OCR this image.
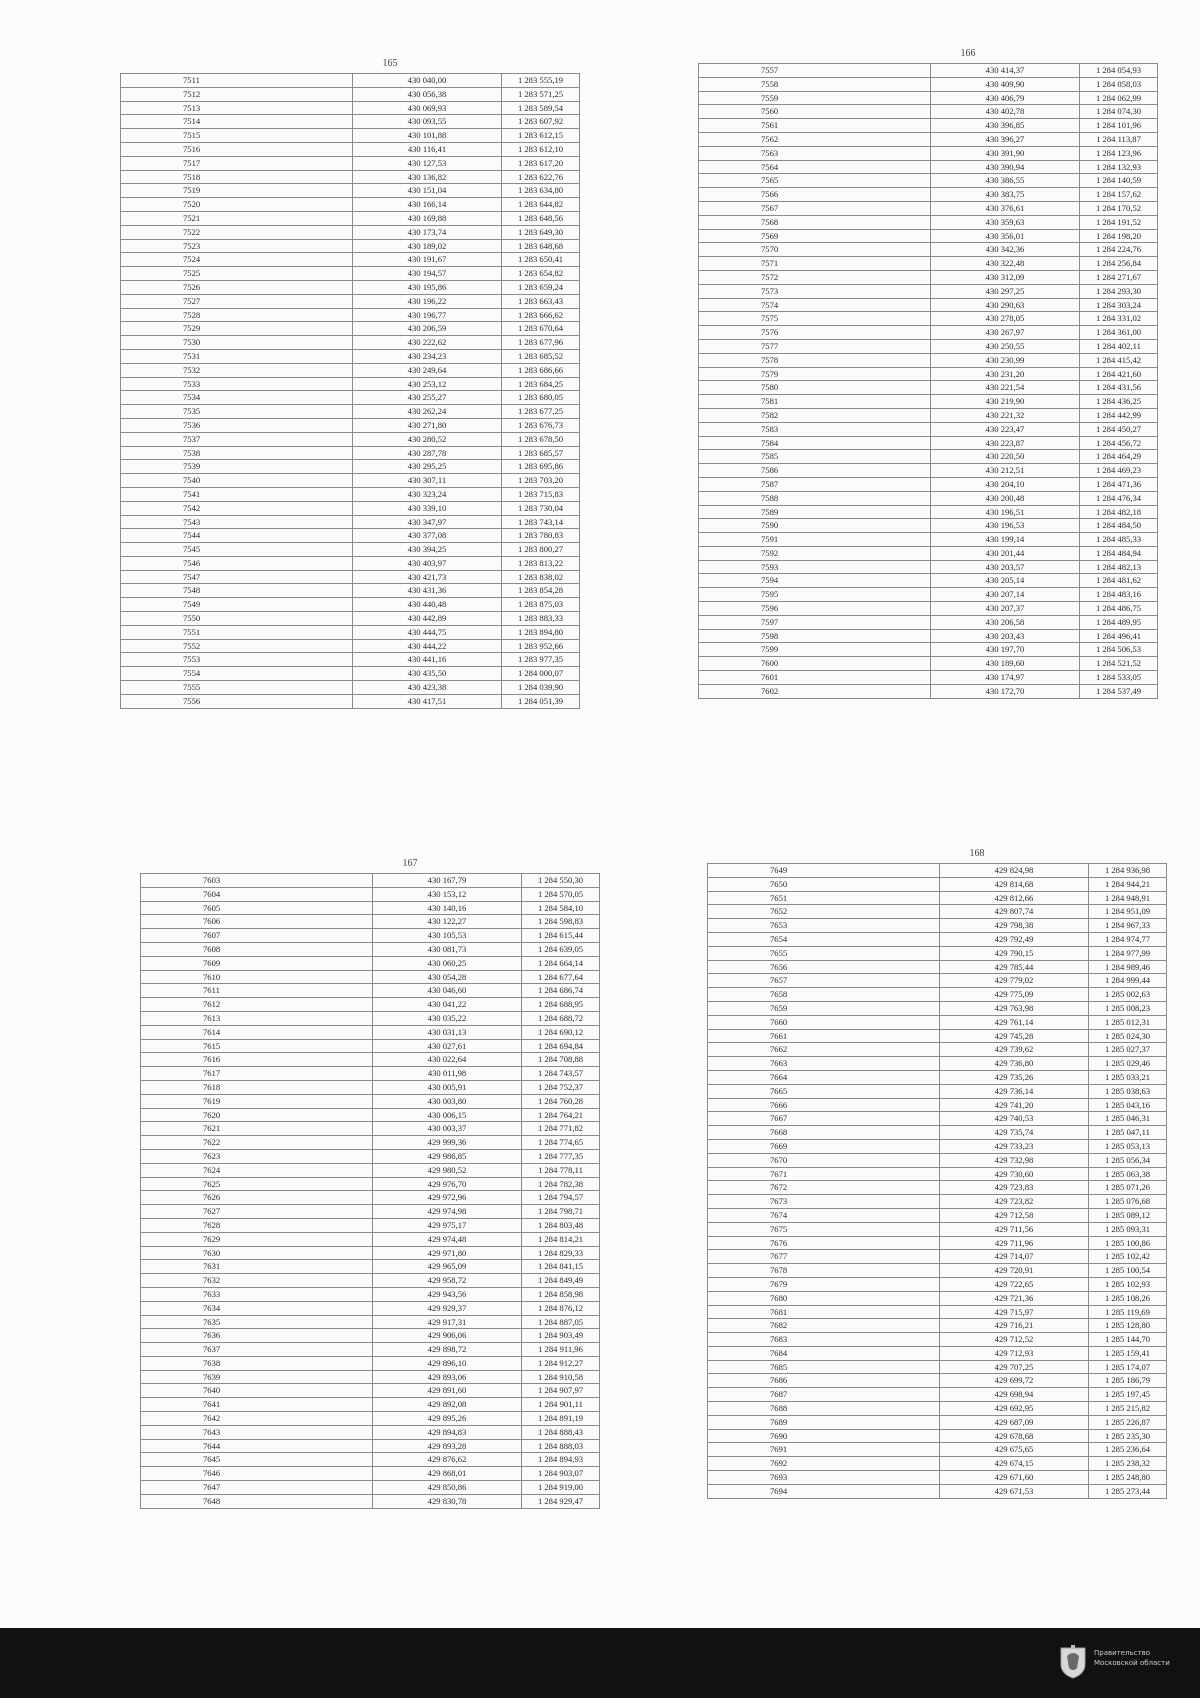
165
7511	430 040,00	1 283 555,19
7512	430 056,38	1 283 571,25
7513	430 069,93	1 283 589,54
7514	430 093,55	1 283 607,92
7515	430 101,88	1 283 612,15
7516	430 116,41	1 283 612,10
7517	430 127,53	1 283 617,20
7518	430 136,82	1 283 622,76
7519	430 151,04	1 283 634,80
7520	430 166,14	1 283 644,82
7521	430 169,88	1 283 648,56
7522	430 173,74	1 283 649,30
7523	430 189,02	1 283 648,68
7524	430 191,67	1 283 650,41
7525	430 194,57	1 283 654,82
7526	430 195,86	1 283 659,24
7527	430 196,22	1 283 663,43
7528	430 196,77	1 283 666,62
7529	430 206,59	1 283 670,64
7530	430 222,62	1 283 677,96
7531	430 234,23	1 283 685,52
7532	430 249,64	1 283 686,66
7533	430 253,12	1 283 684,25
7534	430 255,27	1 283 680,05
7535	430 262,24	1 283 677,25
7536	430 271,80	1 283 676,73
7537	430 280,52	1 283 678,50
7538	430 287,78	1 283 685,57
7539	430 295,25	1 283 695,86
7540	430 307,11	1 283 703,20
7541	430 323,24	1 283 715,83
7542	430 339,10	1 283 730,04
7543	430 347,97	1 283 743,14
7544	430 377,08	1 283 780,83
7545	430 394,25	1 283 800,27
7546	430 403,97	1 283 813,22
7547	430 421,73	1 283 838,02
7548	430 431,36	1 283 854,28
7549	430 440,48	1 283 875,03
7550	430 442,89	1 283 883,33
7551	430 444,75	1 283 894,80
7552	430 444,22	1 283 952,66
7553	430 441,16	1 283 977,35
7554	430 435,50	1 284 000,07
7555	430 423,38	1 284 039,90
7556	430 417,51	1 284 051,39
166
7557	430 414,37	1 284 054,93
7558	430 409,90	1 284 058,03
7559	430 406,79	1 284 062,99
7560	430 402,78	1 284 074,30
7561	430 396,85	1 284 101,96
7562	430 396,27	1 284 113,87
7563	430 391,90	1 284 123,96
7564	430 390,94	1 284 132,93
7565	430 386,55	1 284 140,59
7566	430 383,75	1 284 157,62
7567	430 376,61	1 284 170,52
7568	430 359,63	1 284 191,52
7569	430 356,01	1 284 198,20
7570	430 342,36	1 284 224,76
7571	430 322,48	1 284 256,84
7572	430 312,09	1 284 271,67
7573	430 297,25	1 284 293,30
7574	430 290,63	1 284 303,24
7575	430 278,05	1 284 331,02
7576	430 267,97	1 284 361,00
7577	430 250,55	1 284 402,11
7578	430 230,99	1 284 415,42
7579	430 231,20	1 284 421,60
7580	430 221,54	1 284 431,56
7581	430 219,90	1 284 436,25
7582	430 221,32	1 284 442,99
7583	430 223,47	1 284 450,27
7584	430 223,87	1 284 456,72
7585	430 220,50	1 284 464,29
7586	430 212,51	1 284 469,23
7587	430 204,10	1 284 471,36
7588	430 200,48	1 284 476,34
7589	430 196,51	1 284 482,18
7590	430 196,53	1 284 484,50
7591	430 199,14	1 284 485,33
7592	430 201,44	1 284 484,94
7593	430 203,57	1 284 482,13
7594	430 205,14	1 284 481,62
7595	430 207,14	1 284 483,16
7596	430 207,37	1 284 486,75
7597	430 206,58	1 284 489,95
7598	430 203,43	1 284 496,41
7599	430 197,70	1 284 506,53
7600	430 189,60	1 284 521,52
7601	430 174,97	1 284 533,05
7602	430 172,70	1 284 537,49
167
7603	430 167,79	1 284 550,30
7604	430 153,12	1 284 570,05
7605	430 140,16	1 284 584,10
7606	430 122,27	1 284 598,83
7607	430 105,53	1 284 615,44
7608	430 081,73	1 284 639,05
7609	430 060,25	1 284 664,14
7610	430 054,28	1 284 677,64
7611	430 046,60	1 284 686,74
7612	430 041,22	1 284 688,95
7613	430 035,22	1 284 688,72
7614	430 031,13	1 284 690,12
7615	430 027,61	1 284 694,84
7616	430 022,64	1 284 708,88
7617	430 011,98	1 284 743,57
7618	430 005,91	1 284 752,37
7619	430 003,80	1 284 760,28
7620	430 006,15	1 284 764,21
7621	430 003,37	1 284 771,82
7622	429 999,36	1 284 774,65
7623	429 986,85	1 284 777,35
7624	429 980,52	1 284 778,11
7625	429 976,70	1 284 782,38
7626	429 972,96	1 284 794,57
7627	429 974,98	1 284 798,71
7628	429 975,17	1 284 803,48
7629	429 974,48	1 284 814,21
7630	429 971,80	1 284 829,33
7631	429 965,09	1 284 841,15
7632	429 958,72	1 284 849,49
7633	429 943,56	1 284 858,98
7634	429 929,37	1 284 876,12
7635	429 917,31	1 284 887,05
7636	429 906,06	1 284 903,49
7637	429 898,72	1 284 911,96
7638	429 896,10	1 284 912,27
7639	429 893,06	1 284 910,58
7640	429 891,60	1 284 907,97
7641	429 892,08	1 284 901,11
7642	429 895,26	1 284 891,19
7643	429 894,83	1 284 888,43
7644	429 893,28	1 284 888,03
7645	429 876,62	1 284 894,93
7646	429 868,01	1 284 903,07
7647	429 850,86	1 284 919,00
7648	429 830,78	1 284 929,47
168
7649	429 824,98	1 284 936,98
7650	429 814,68	1 284 944,21
7651	429 812,66	1 284 948,91
7652	429 807,74	1 284 951,09
7653	429 798,38	1 284 967,33
7654	429 792,49	1 284 974,77
7655	429 790,15	1 284 977,99
7656	429 785,44	1 284 989,46
7657	429 779,02	1 284 999,44
7658	429 775,09	1 285 002,63
7659	429 763,98	1 285 008,23
7660	429 761,14	1 285 012,31
7661	429 745,28	1 285 024,30
7662	429 739,62	1 285 027,37
7663	429 736,80	1 285 029,46
7664	429 735,26	1 285 033,21
7665	429 736,14	1 285 038,63
7666	429 741,20	1 285 043,16
7667	429 740,53	1 285 046,31
7668	429 735,74	1 285 047,11
7669	429 733,23	1 285 053,13
7670	429 732,98	1 285 056,34
7671	429 730,60	1 285 063,38
7672	429 723,83	1 285 071,26
7673	429 723,82	1 285 076,68
7674	429 712,58	1 285 089,12
7675	429 711,56	1 285 093,31
7676	429 711,96	1 285 100,86
7677	429 714,07	1 285 102,42
7678	429 720,91	1 285 100,54
7679	429 722,65	1 285 102,93
7680	429 721,36	1 285 108,26
7681	429 715,97	1 285 119,69
7682	429 716,21	1 285 128,80
7683	429 712,52	1 285 144,70
7684	429 712,93	1 285 159,41
7685	429 707,25	1 285 174,07
7686	429 699,72	1 285 186,79
7687	429 698,94	1 285 197,45
7688	429 692,95	1 285 215,82
7689	429 687,09	1 285 226,87
7690	429 678,68	1 285 235,30
7691	429 675,65	1 285 236,64
7692	429 674,15	1 285 238,32
7693	429 671,60	1 285 248,80
7694	429 671,53	1 285 273,44
Правительство
Московской области
